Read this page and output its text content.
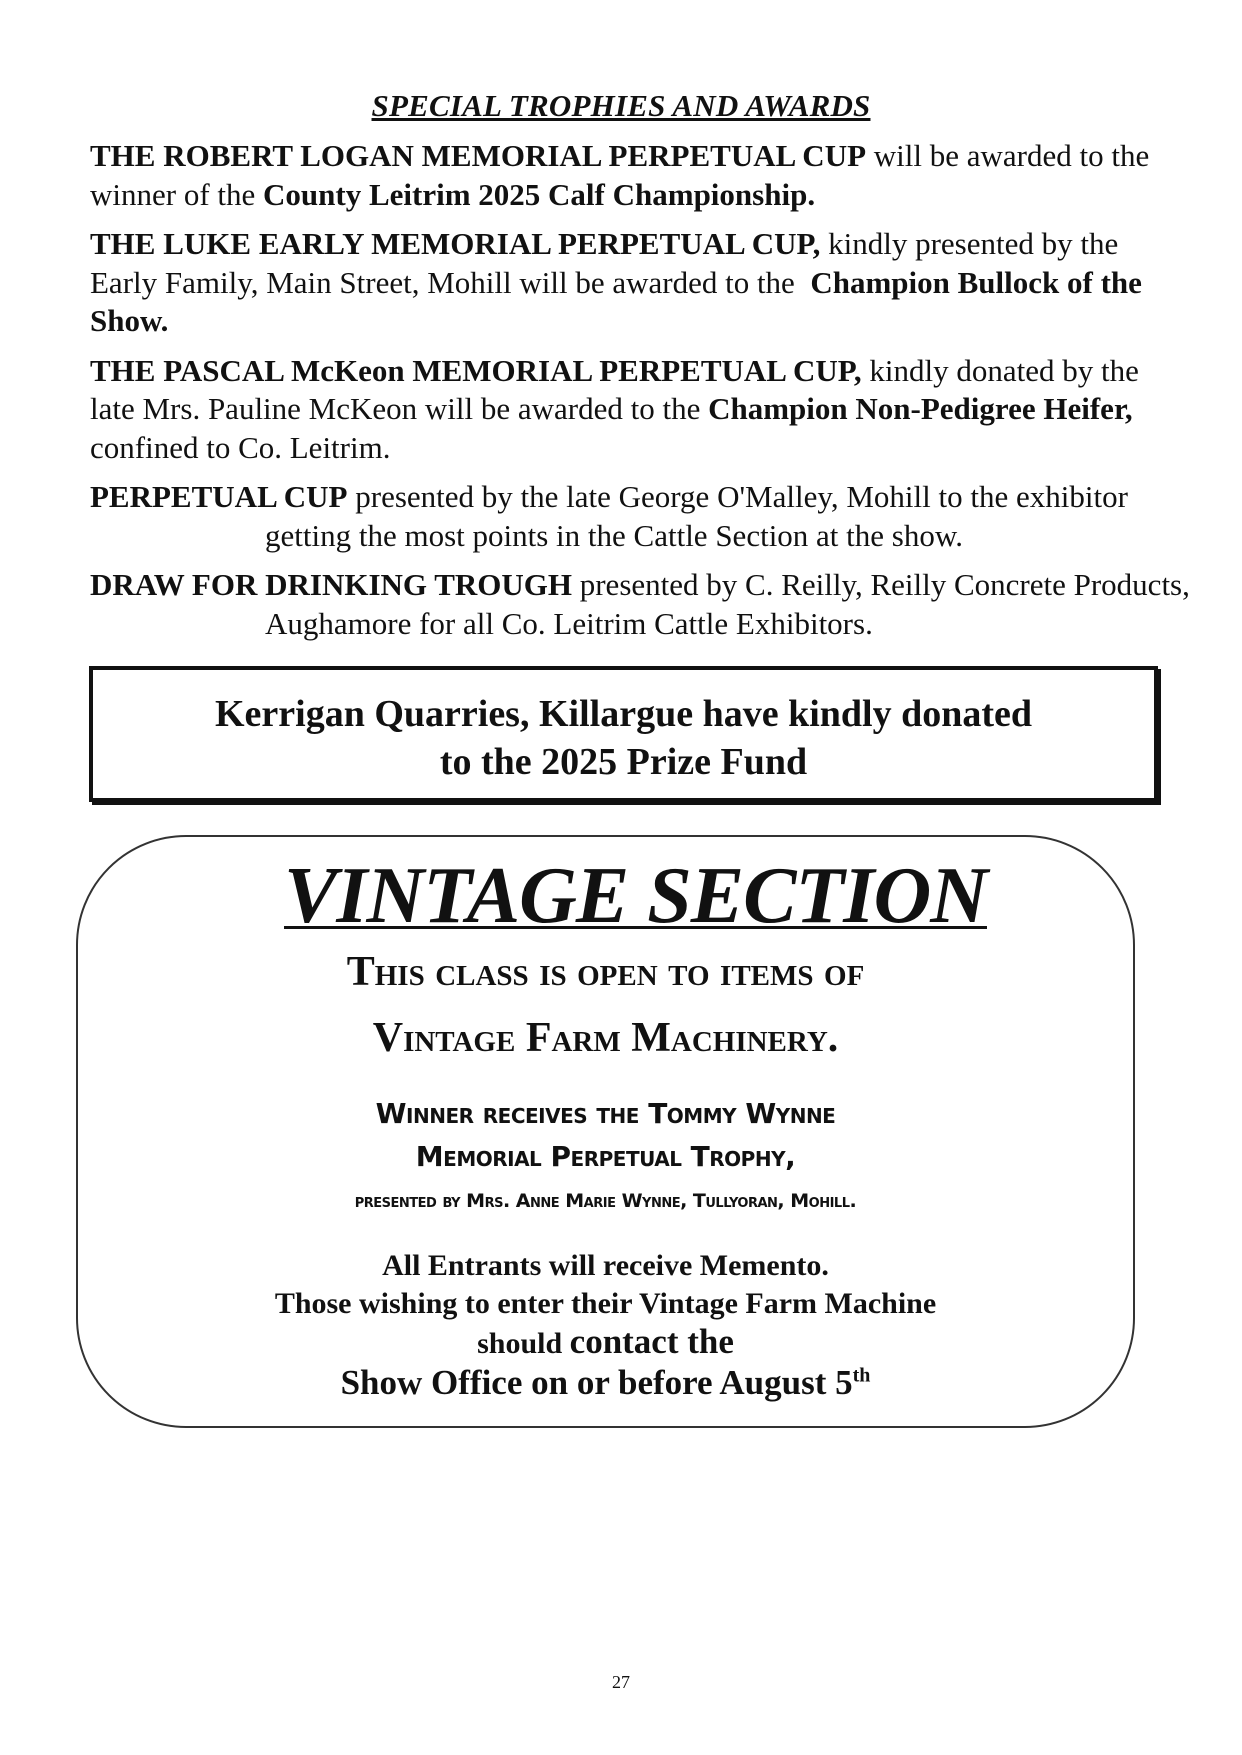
SPECIAL TROPHIES AND AWARDS

THE ROBERT LOGAN MEMORIAL PERPETUAL CUP will be awarded to the winner of the County Leitrim 2025 Calf Championship.

THE LUKE EARLY MEMORIAL PERPETUAL CUP, kindly presented by the Early Family, Main Street, Mohill will be awarded to the  Champion Bullock of the Show.

THE PASCAL McKeon MEMORIAL PERPETUAL CUP, kindly donated by the late Mrs. Pauline McKeon will be awarded to the Champion Non-Pedigree Heifer, confined to Co. Leitrim.

PERPETUAL CUP presented by the late George O'Malley, Mohill to the exhibitor getting the most points in the Cattle Section at the show.

DRAW FOR DRINKING TROUGH presented by C. Reilly, Reilly Concrete Products, Aughamore for all Co. Leitrim Cattle Exhibitors.

Kerrigan Quarries, Killargue have kindly donated
to the 2025 Prize Fund
VINTAGE SECTION
This class is open to items of
Vintage Farm Machinery.
Winner receives the Tommy Wynne
Memorial Perpetual Trophy,
presented by Mrs. Anne Marie Wynne, Tullyoran, Mohill.
All Entrants will receive Memento.
Those wishing to enter their Vintage Farm Machine
should contact the
Show Office on or before August 5th
27
